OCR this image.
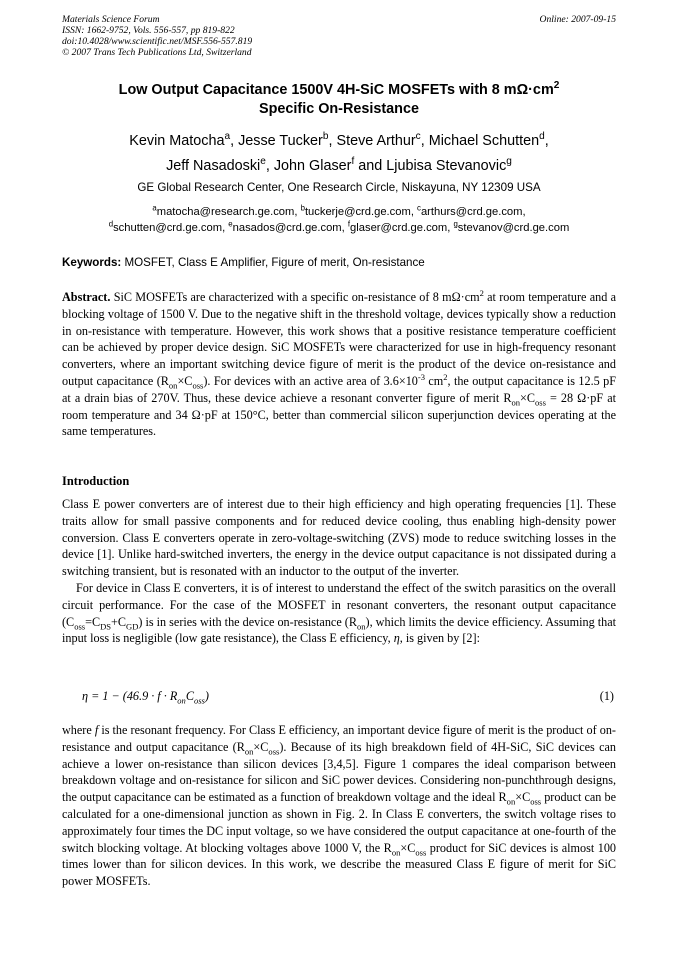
Materials Science Forum
ISSN: 1662-9752, Vols. 556-557, pp 819-822
doi:10.4028/www.scientific.net/MSF.556-557.819
© 2007 Trans Tech Publications Ltd, Switzerland
Online: 2007-09-15
Low Output Capacitance 1500V 4H-SiC MOSFETs with 8 $m\Omega\cdot cm^2$
Specific On-Resistance
Kevin Matocha$^a$, Jesse Tucker$^b$, Steve Arthur$^c$, Michael Schutten$^d$,
Jeff Nasadoski$^e$, John Glaser$^f$ and Ljubisa Stevanovic$^g$
GE Global Research Center, One Research Circle, Niskayuna, NY 12309 USA
$^a$matocha@research.ge.com, $^b$tuckerje@crd.ge.com, $^c$arthurs@crd.ge.com,
$^d$schutten@crd.ge.com, $^e$nasados@crd.ge.com, $^f$glaser@crd.ge.com, $^g$stevanov@crd.ge.com
Keywords: MOSFET, Class E Amplifier, Figure of merit, On-resistance
Abstract. SiC MOSFETs are characterized with a specific on-resistance of 8 $m\Omega\cdot cm^2$ at room temperature and a blocking voltage of 1500 V. Due to the negative shift in the threshold voltage, devices typically show a reduction in on-resistance with temperature. However, this work shows that a positive resistance temperature coefficient can be achieved by proper device design. SiC MOSFETs were characterized for use in high-frequency resonant converters, where an important switching device figure of merit is the product of the device on-resistance and output capacitance $(R_{on}\times C_{oss})$. For devices with an active area of $3.6\times 10^{-3}$ $cm^2$, the output capacitance is 12.5 pF at a drain bias of 270V. Thus, these device achieve a resonant converter figure of merit $R_{on}\times C_{oss} = 28$ Ω·pF at room temperature and 34 Ω·pF at 150°C, better than commercial silicon superjunction devices operating at the same temperatures.
Introduction

Class E power converters are of interest due to their high efficiency and high operating frequencies [1]. These traits allow for small passive components and for reduced device cooling, thus enabling high-density power conversion. Class E converters operate in zero-voltage-switching (ZVS) mode to reduce switching losses in the device [1]. Unlike hard-switched inverters, the energy in the device output capacitance is not dissipated during a switching transient, but is resonated with an inductor to the output of the inverter.

For device in Class E converters, it is of interest to understand the effect of the switch parasitics on the overall circuit performance. For the case of the MOSFET in resonant converters, the resonant output capacitance $(C_{oss}=C_{DS}+C_{GD})$ is in series with the device on-resistance $(R_{on})$, which limits the device efficiency. Assuming that input loss is negligible (low gate resistance), the Class E efficiency, η, is given by [2]:

$\eta = 1 - (46.9 \cdot f \cdot R_{on}C_{oss})$	(1)

where f is the resonant frequency. For Class E efficiency, an important device figure of merit is the product of on-resistance and output capacitance $(R_{on}\times C_{oss})$. Because of its high breakdown field of 4H-SiC, SiC devices can achieve a lower on-resistance than silicon devices [3,4,5]. Figure 1 compares the ideal comparison between breakdown voltage and on-resistance for silicon and SiC power devices. Considering non-punchthrough designs, the output capacitance can be estimated as a function of breakdown voltage and the ideal $R_{on}\times C_{oss}$ product can be calculated for a one-dimensional junction as shown in Fig. 2. In Class E converters, the switch voltage rises to approximately four times the DC input voltage, so we have considered the output capacitance at one-fourth of the switch blocking voltage. At blocking voltages above 1000 V, the $R_{on}\times C_{oss}$ product for SiC devices is almost 100 times lower than for silicon devices. In this work, we describe the measured Class E figure of merit for SiC power MOSFETs.
